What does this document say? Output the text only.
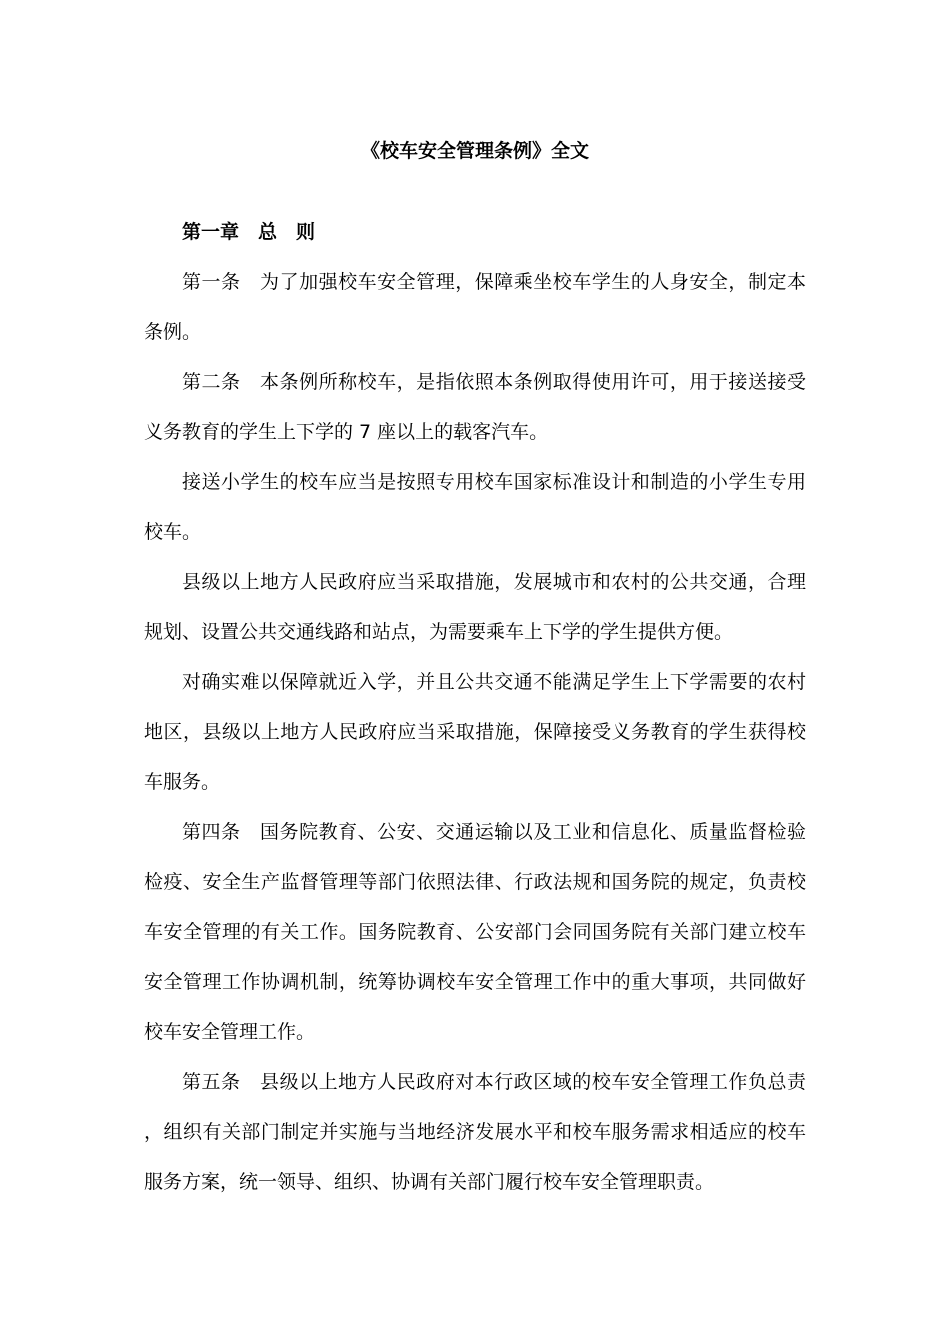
《校车安全管理条例》全文

第一章 总 则

第一条 为了加强校车安全管理，保障乘坐校车学生的人身安全，制定本条例。

第二条 本条例所称校车，是指依照本条例取得使用许可，用于接送接受义务教育的学生上下学的 7 座以上的载客汽车。

接送小学生的校车应当是按照专用校车国家标准设计和制造的小学生专用校车。

县级以上地方人民政府应当采取措施，发展城市和农村的公共交通，合理规划、设置公共交通线路和站点，为需要乘车上下学的学生提供方便。

对确实难以保障就近入学，并且公共交通不能满足学生上下学需要的农村地区，县级以上地方人民政府应当采取措施，保障接受义务教育的学生获得校车服务。

第四条 国务院教育、公安、交通运输以及工业和信息化、质量监督检验检疫、安全生产监督管理等部门依照法律、行政法规和国务院的规定，负责校车安全管理的有关工作。国务院教育、公安部门会同国务院有关部门建立校车安全管理工作协调机制，统筹协调校车安全管理工作中的重大事项，共同做好校车安全管理工作。

第五条 县级以上地方人民政府对本行政区域的校车安全管理工作负总责，组织有关部门制定并实施与当地经济发展水平和校车服务需求相适应的校车服务方案，统一领导、组织、协调有关部门履行校车安全管理职责。
